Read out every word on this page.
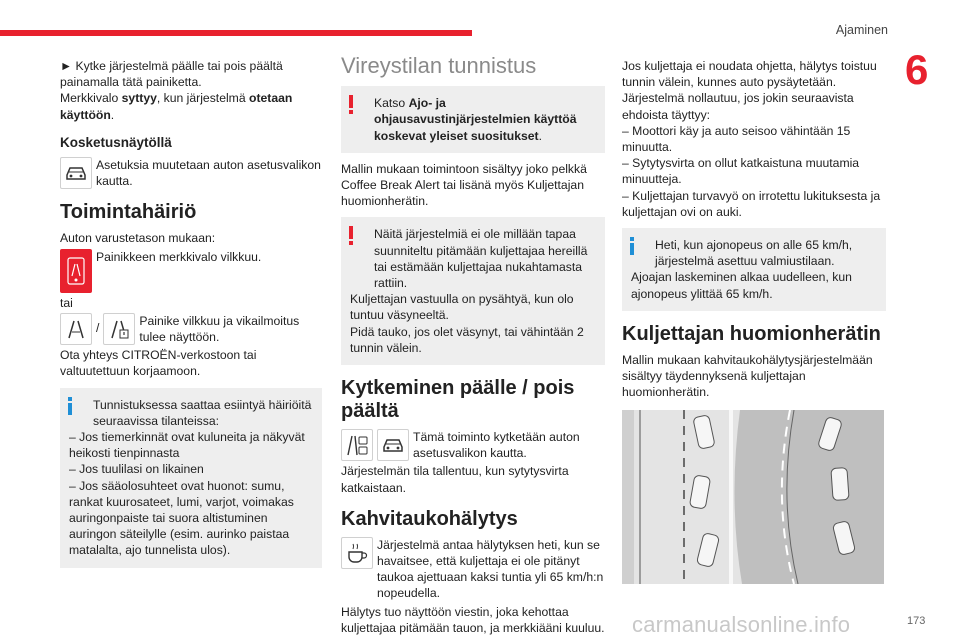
Ajaminen
6

► Kytke järjestelmä päälle tai pois päältä painamalla tätä painiketta.

Merkkivalo syttyy, kun järjestelmä otetaan käyttöön.

Kosketusnäytöllä

Asetuksia muutetaan auton asetusvalikon kautta.

Toimintahäiriö

Auton varustetason mukaan:

Painikkeen merkkivalo vilkkuu.

tai

/	Painike vilkkuu ja vikailmoitus tulee näyttöön.

Ota yhteys CITROËN-verkostoon tai valtuutettuun korjaamoon.

Tunnistuksessa saattaa esiintyä häiriöitä seuraavissa tilanteissa:

– Jos tiemerkinnät ovat kuluneita ja näkyvät heikosti tienpinnasta

– Jos tuulilasi on likainen

– Jos sääolosuhteet ovat huonot: sumu, rankat kuurosateet, lumi, varjot, voimakas auringonpaiste tai suora altistuminen auringon säteilylle (esim. aurinko paistaa matalalta, ajo tunnelista ulos).

Vireystilan tunnistus

Katso Ajo- ja ohjausavustinjärjestelmien käyttöä koskevat yleiset suositukset.

Mallin mukaan toimintoon sisältyy joko pelkkä Coffee Break Alert tai lisänä myös Kuljettajan huomionherätin.

Näitä järjestelmiä ei ole millään tapaa suunniteltu pitämään kuljettajaa hereillä tai estämään kuljettajaa nukahtamasta rattiin.

Kuljettajan vastuulla on pysähtyä, kun olo tuntuu väsyneeltä.

Pidä tauko, jos olet väsynyt, tai vähintään 2 tunnin välein.

Kytkeminen päälle / pois päältä

Tämä toiminto kytketään auton asetusvalikon kautta.

Järjestelmän tila tallentuu, kun sytytysvirta katkaistaan.

Kahvitaukohälytys

Järjestelmä antaa hälytyksen heti, kun se havaitsee, että kuljettaja ei ole pitänyt taukoa ajettuaan kaksi tuntia yli 65 km/h:n nopeudella.

Hälytys tuo näyttöön viestin, joka kehottaa kuljettajaa pitämään tauon, ja merkkiääni kuuluu.

Jos kuljettaja ei noudata ohjetta, hälytys toistuu tunnin välein, kunnes auto pysäytetään.

Järjestelmä nollautuu, jos jokin seuraavista ehdoista täyttyy:

– Moottori käy ja auto seisoo vähintään 15 minuutta.

– Sytytysvirta on ollut katkaistuna muutamia minuutteja.

– Kuljettajan turvavyö on irrotettu lukituksesta ja kuljettajan ovi on auki.

Heti, kun ajonopeus on alle 65 km/h, järjestelmä asettuu valmiustilaan.

Ajoajan laskeminen alkaa uudelleen, kun ajonopeus ylittää 65 km/h.

Kuljettajan huomionherätin

Mallin mukaan kahvitaukohälytysjärjestelmään sisältyy täydennyksenä kuljettajan huomionherätin.

carmanualsonline.info	173
